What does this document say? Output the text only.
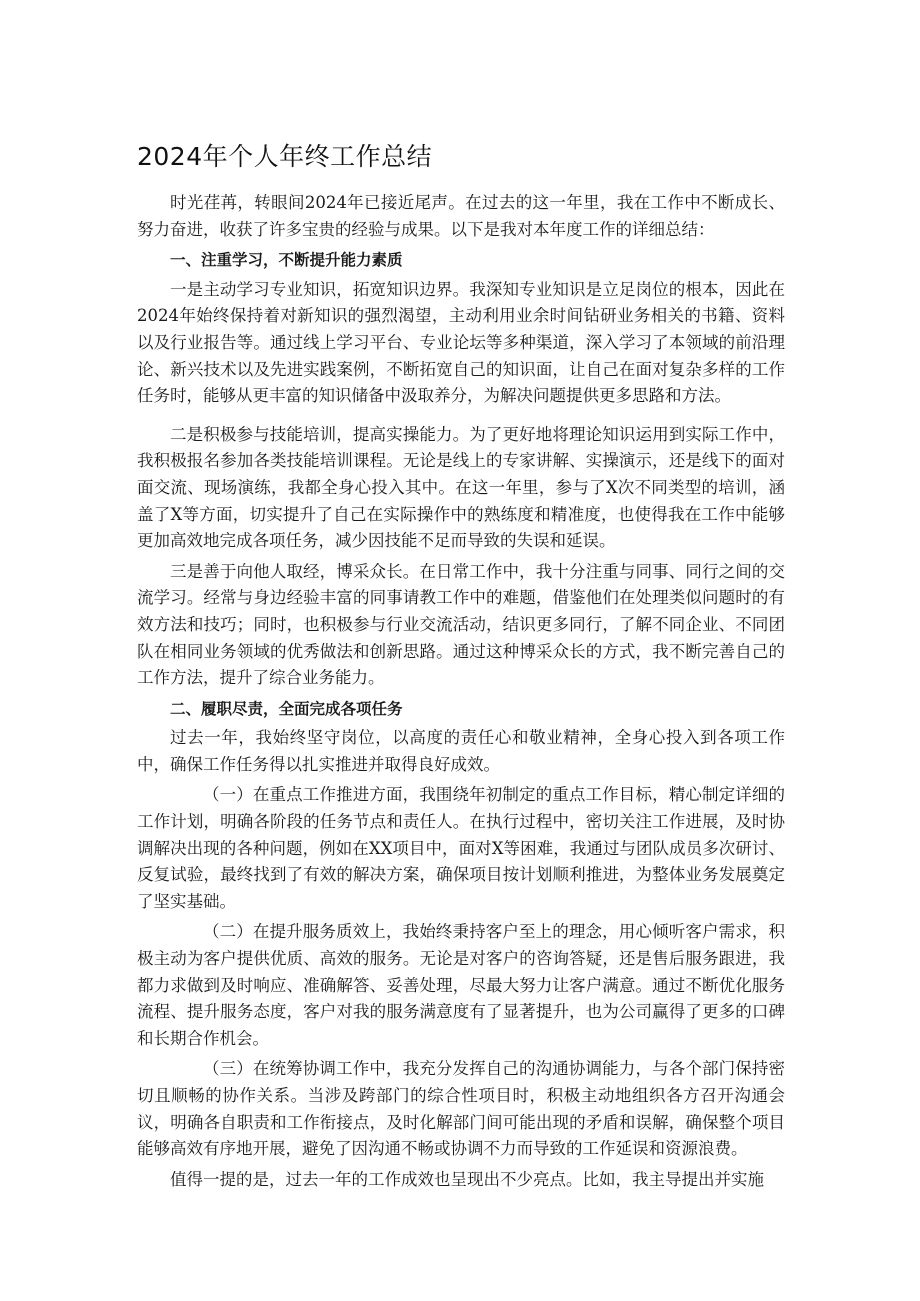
2024年个人年终工作总结

时光荏苒，转眼间2024年已接近尾声。在过去的这一年里，我在工作中不断成长、努力奋进，收获了许多宝贵的经验与成果。以下是我对本年度工作的详细总结：

一、注重学习，不断提升能力素质

一是主动学习专业知识，拓宽知识边界。我深知专业知识是立足岗位的根本，因此在2024年始终保持着对新知识的强烈渴望，主动利用业余时间钻研业务相关的书籍、资料以及行业报告等。通过线上学习平台、专业论坛等多种渠道，深入学习了本领域的前沿理论、新兴技术以及先进实践案例，不断拓宽自己的知识面，让自己在面对复杂多样的工作任务时，能够从更丰富的知识储备中汲取养分，为解决问题提供更多思路和方法。

二是积极参与技能培训，提高实操能力。为了更好地将理论知识运用到实际工作中，我积极报名参加各类技能培训课程。无论是线上的专家讲解、实操演示，还是线下的面对面交流、现场演练，我都全身心投入其中。在这一年里，参与了X次不同类型的培训，涵盖了X等方面，切实提升了自己在实际操作中的熟练度和精准度，也使得我在工作中能够更加高效地完成各项任务，减少因技能不足而导致的失误和延误。

三是善于向他人取经，博采众长。在日常工作中，我十分注重与同事、同行之间的交流学习。经常与身边经验丰富的同事请教工作中的难题，借鉴他们在处理类似问题时的有效方法和技巧；同时，也积极参与行业交流活动，结识更多同行，了解不同企业、不同团队在相同业务领域的优秀做法和创新思路。通过这种博采众长的方式，我不断完善自己的工作方法，提升了综合业务能力。

二、履职尽责，全面完成各项任务

过去一年，我始终坚守岗位，以高度的责任心和敬业精神，全身心投入到各项工作中，确保工作任务得以扎实推进并取得良好成效。

（一）在重点工作推进方面，我围绕年初制定的重点工作目标，精心制定详细的工作计划，明确各阶段的任务节点和责任人。在执行过程中，密切关注工作进展，及时协调解决出现的各种问题，例如在XX项目中，面对X等困难，我通过与团队成员多次研讨、反复试验，最终找到了有效的解决方案，确保项目按计划顺利推进，为整体业务发展奠定了坚实基础。

（二）在提升服务质效上，我始终秉持客户至上的理念，用心倾听客户需求，积极主动为客户提供优质、高效的服务。无论是对客户的咨询答疑，还是售后服务跟进，我都力求做到及时响应、准确解答、妥善处理，尽最大努力让客户满意。通过不断优化服务流程、提升服务态度，客户对我的服务满意度有了显著提升，也为公司赢得了更多的口碑和长期合作机会。

（三）在统筹协调工作中，我充分发挥自己的沟通协调能力，与各个部门保持密切且顺畅的协作关系。当涉及跨部门的综合性项目时，积极主动地组织各方召开沟通会议，明确各自职责和工作衔接点，及时化解部门间可能出现的矛盾和误解，确保整个项目能够高效有序地开展，避免了因沟通不畅或协调不力而导致的工作延误和资源浪费。

值得一提的是，过去一年的工作成效也呈现出不少亮点。比如，我主导提出并实施
